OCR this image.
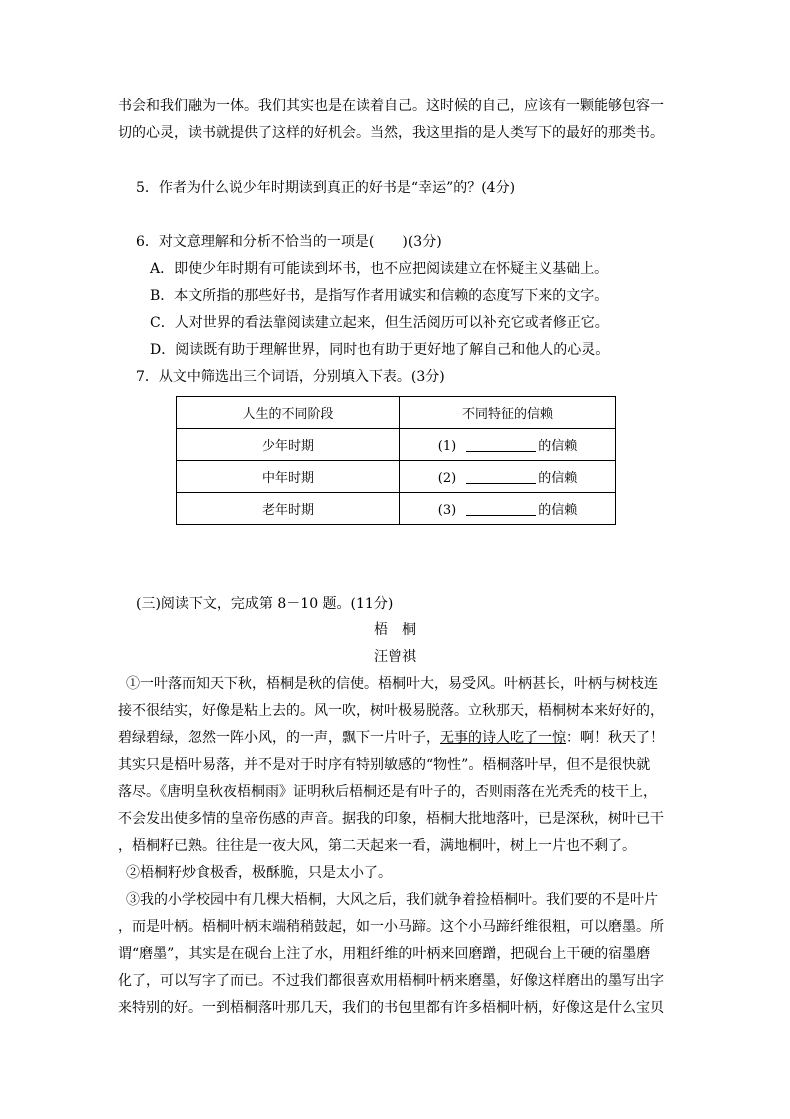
书会和我们融为一体。我们其实也是在读着自己。这时候的自己，应该有一颗能够包容一
切的心灵，读书就提供了这样的好机会。当然，我这里指的是人类写下的最好的那类书。
5．作者为什么说少年时期读到真正的好书是“幸运”的？(4分)
6．对文意理解和分析不恰当的一项是(　　)(3分)
A．即使少年时期有可能读到坏书，也不应把阅读建立在怀疑主义基础上。
B．本文所指的那些好书，是指写作者用诚实和信赖的态度写下来的文字。
C．人对世界的看法靠阅读建立起来，但生活阅历可以补充它或者修正它。
D．阅读既有助于理解世界，同时也有助于更好地了解自己和他人的心灵。
7．从文中筛选出三个词语，分别填入下表。(3分)
人生的不同阶段	不同特征的信赖
少年时期	(1) 的信赖
中年时期	(2) 的信赖
老年时期	(3) 的信赖
(三)阅读下文，完成第 8－10 题。(11分)
梧　桐
汪曾祺
①一叶落而知天下秋，梧桐是秋的信使。梧桐叶大，易受风。叶柄甚长，叶柄与树枝连
接不很结实，好像是粘上去的。风一吹，树叶极易脱落。立秋那天，梧桐树本来好好的，
碧绿碧绿，忽然一阵小风，的一声，飘下一片叶子，无事的诗人吃了一惊：啊！秋天了！
其实只是梧叶易落，并不是对于时序有特别敏感的“物性”。梧桐落叶早，但不是很快就
落尽。《唐明皇秋夜梧桐雨》证明秋后梧桐还是有叶子的，否则雨落在光秃秃的枝干上，
不会发出使多情的皇帝伤感的声音。据我的印象，梧桐大批地落叶，已是深秋，树叶已干
，梧桐籽已熟。往往是一夜大风，第二天起来一看，满地桐叶，树上一片也不剩了。
②梧桐籽炒食极香，极酥脆，只是太小了。
③我的小学校园中有几棵大梧桐，大风之后，我们就争着捡梧桐叶。我们要的不是叶片
，而是叶柄。梧桐叶柄末端稍稍鼓起，如一小马蹄。这个小马蹄纤维很粗，可以磨墨。所
谓“磨墨”，其实是在砚台上注了水，用粗纤维的叶柄来回磨蹭，把砚台上干硬的宿墨磨
化了，可以写字了而已。不过我们都很喜欢用梧桐叶柄来磨墨，好像这样磨出的墨写出字
来特别的好。一到梧桐落叶那几天，我们的书包里都有许多梧桐叶柄，好像这是什么宝贝
